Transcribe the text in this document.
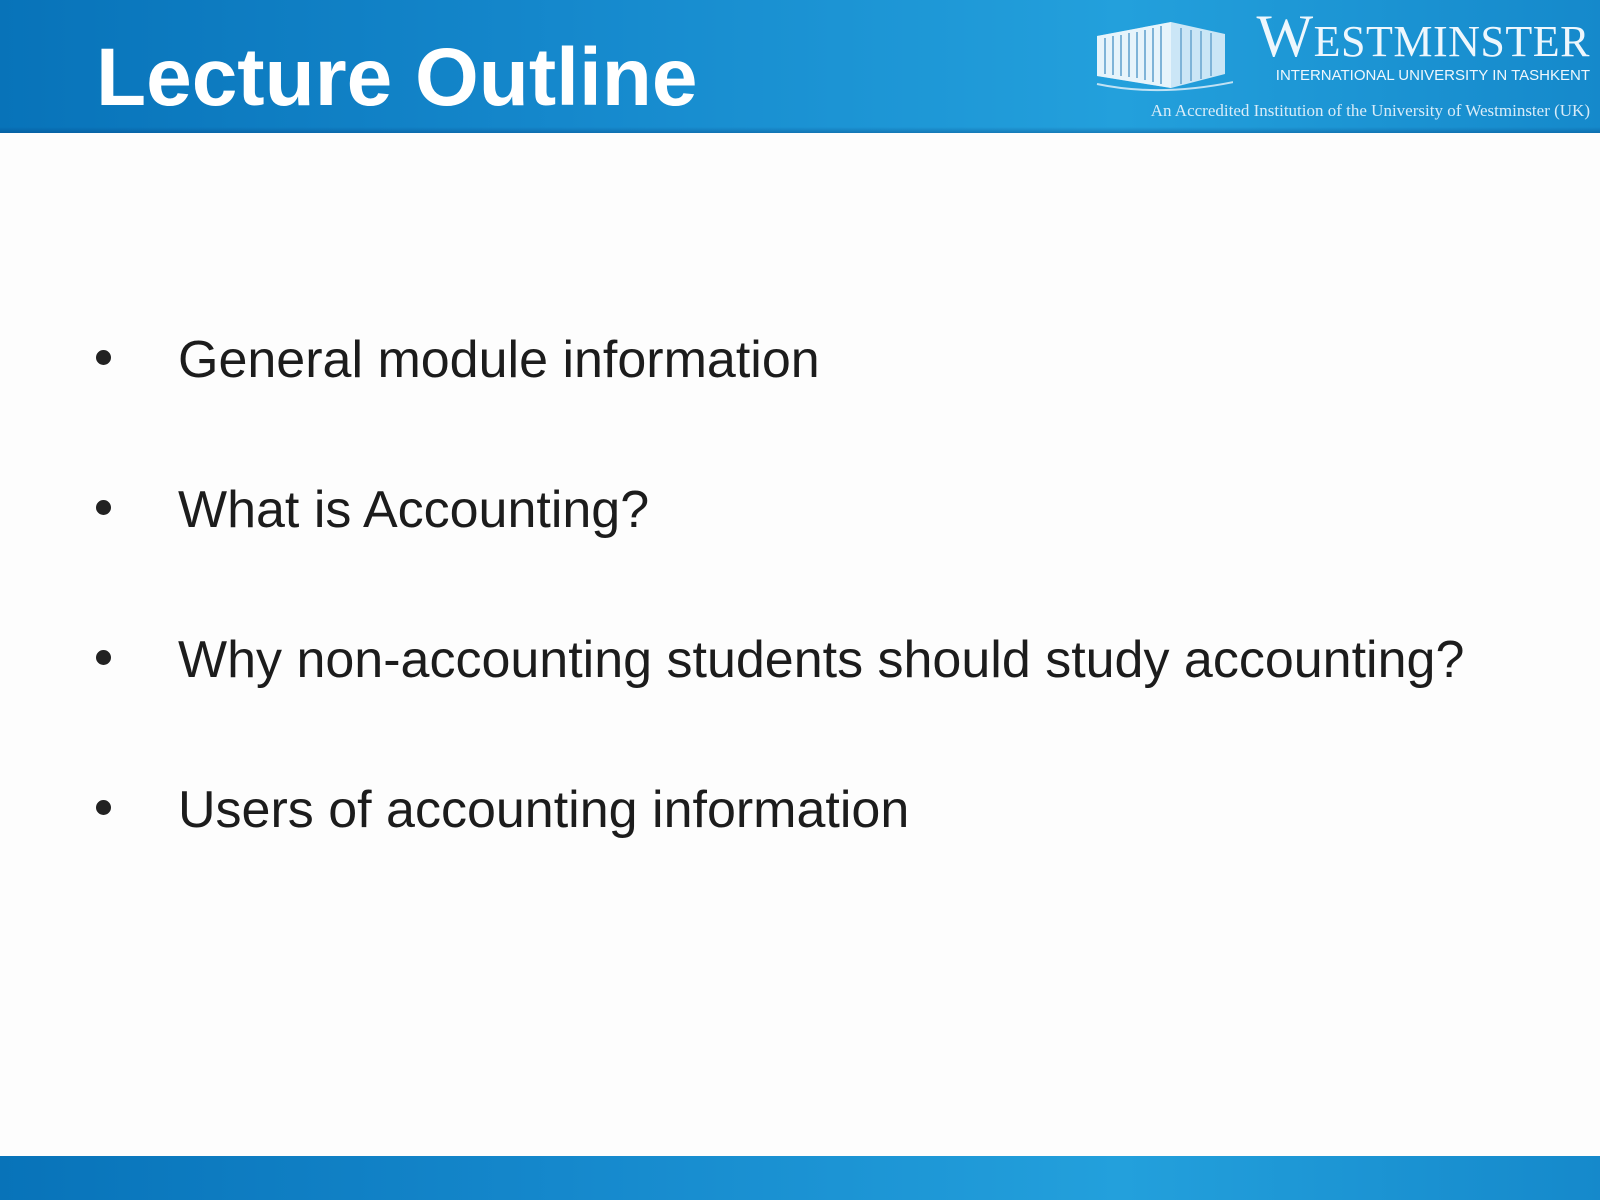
Lecture Outline	WESTMINSTER
INTERNATIONAL UNIVERSITY IN TASHKENT
An Accredited Institution of the University of Westminster (UK)
General module information
What is Accounting?
Why non-accounting students should study accounting?
Users of accounting information
